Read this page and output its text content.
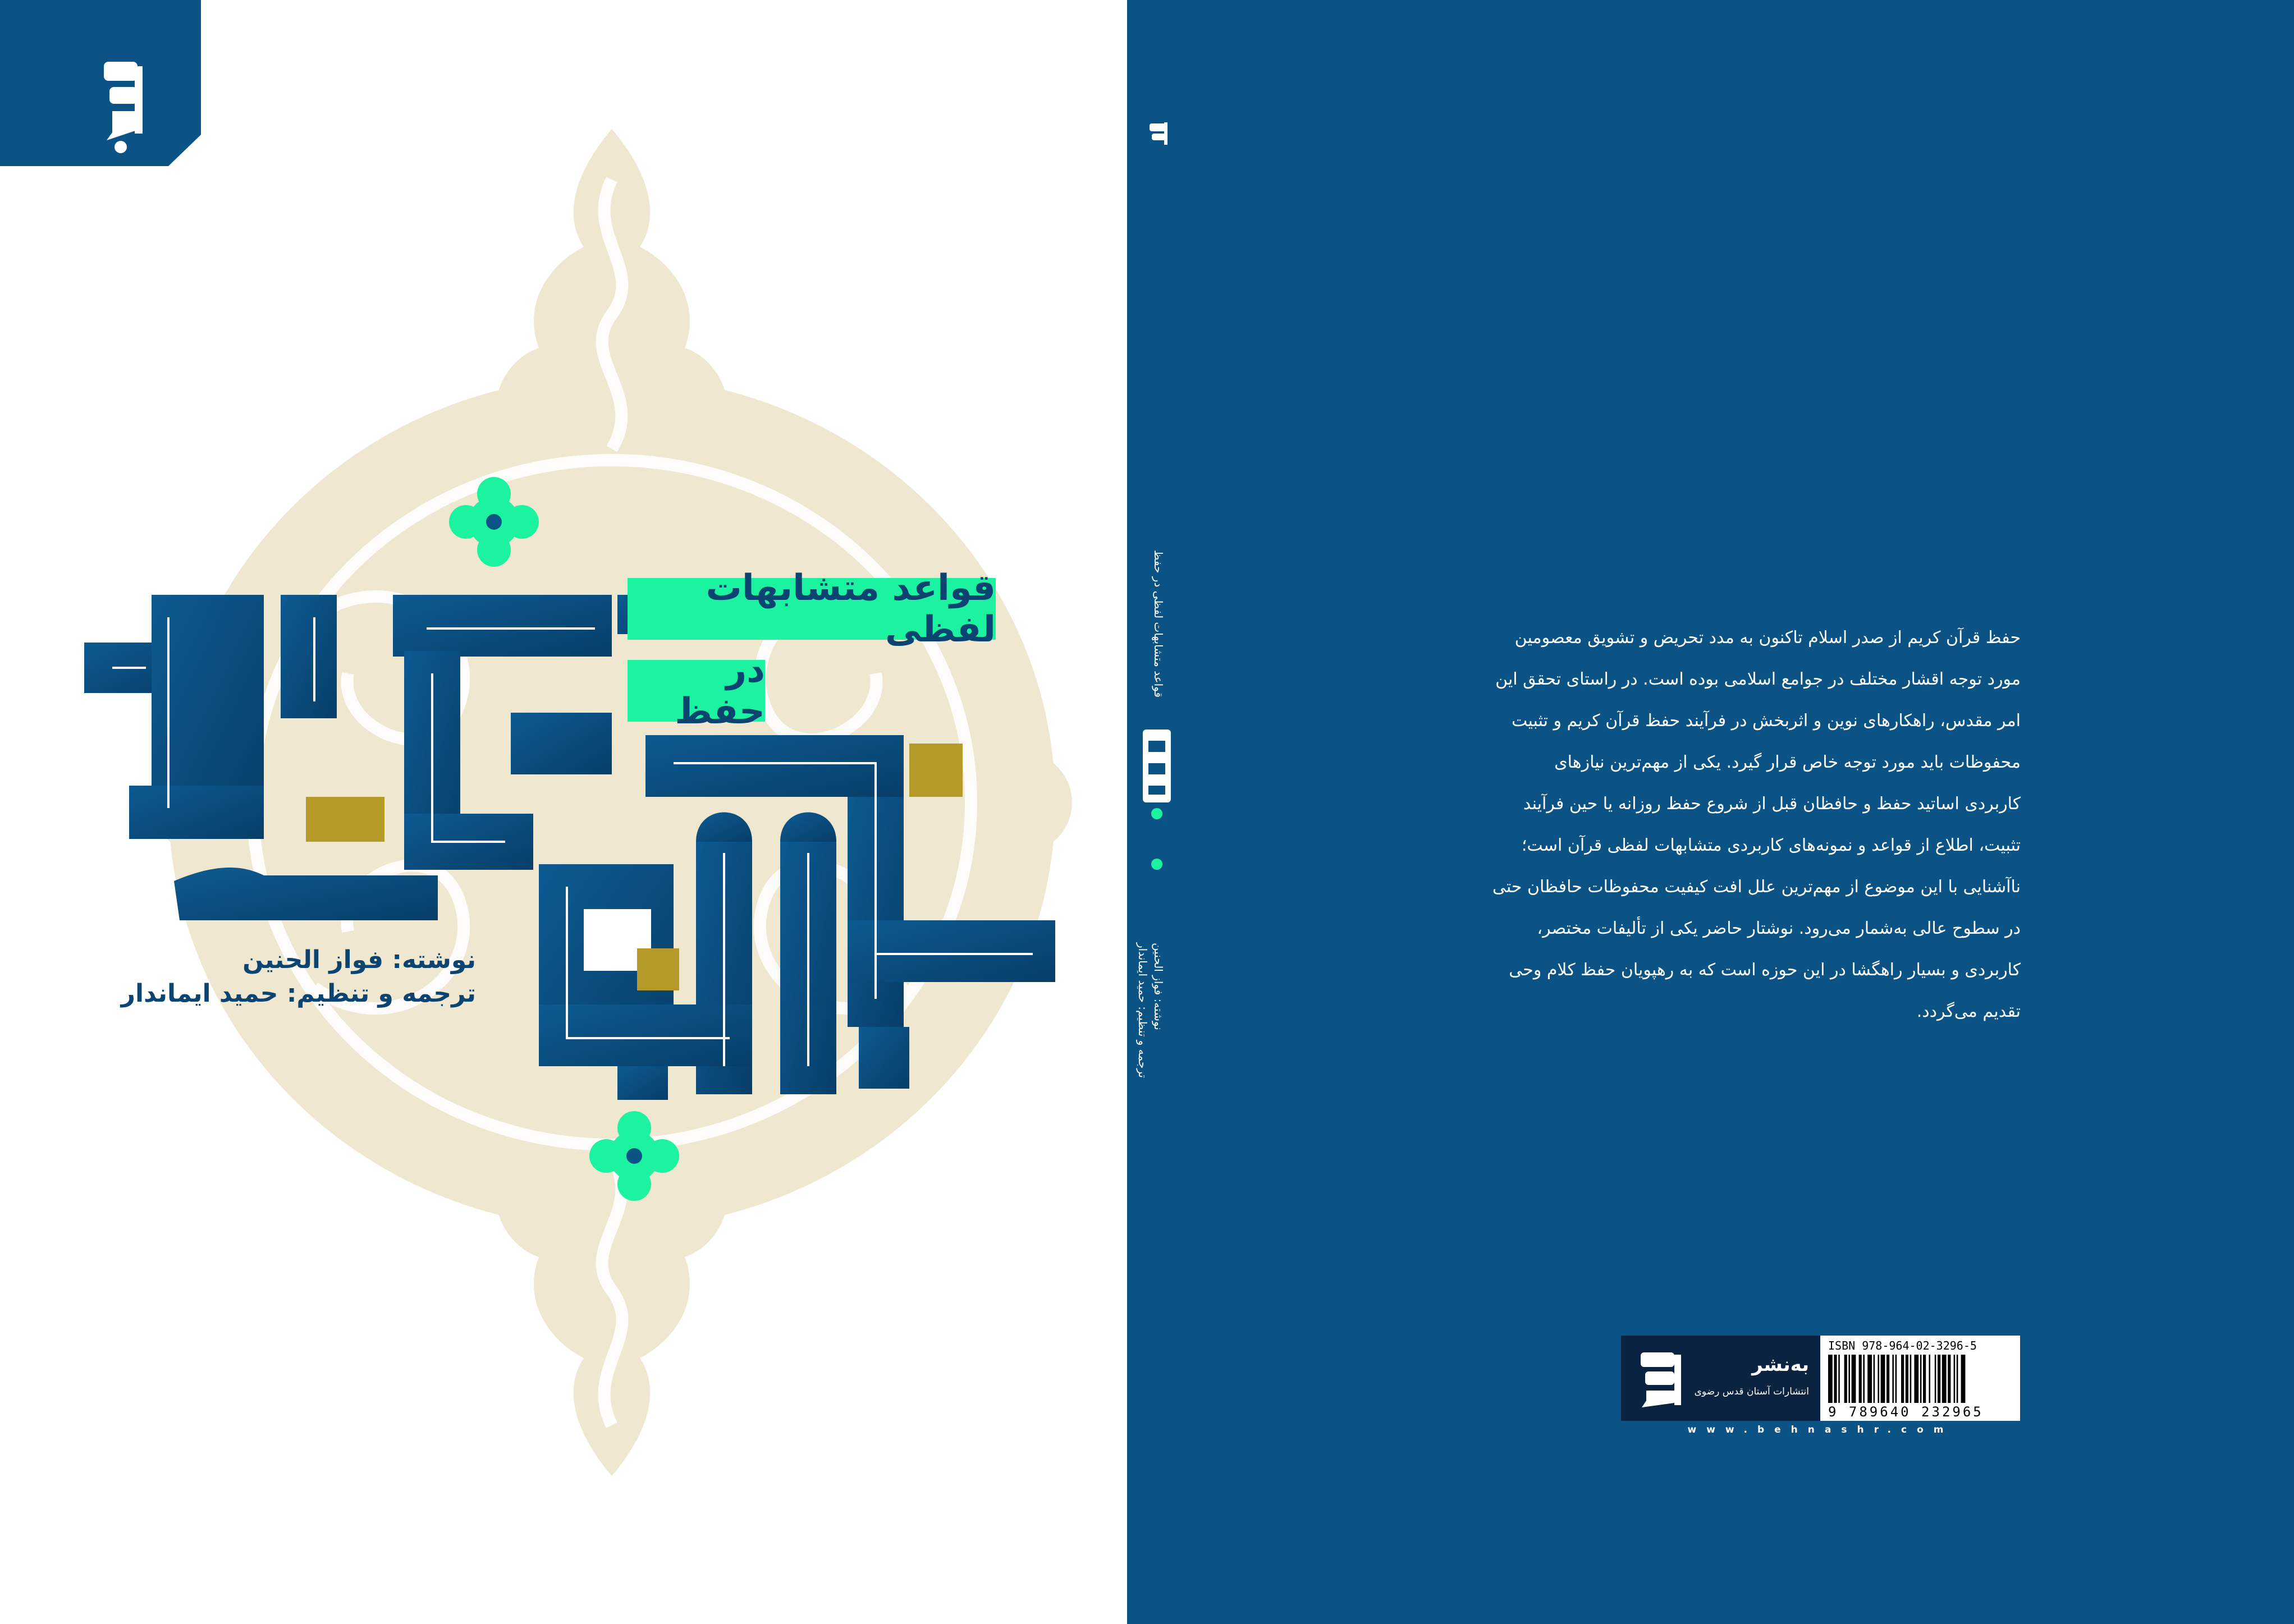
قواعد متشابهات لفظی
در حفظ
نوشته: فواز الحنین
ترجمه و تنظیم: حمید ایماندار
قواعد متشابهات لفظی در حفظ
نوشته: فواز الحنین
ترجمه و تنظیم: حمید ایماندار

حفظ قرآن کریم از صدر اسلام تاکنون به مدد تحریض و تشویق معصومین

مورد توجه اقشار مختلف در جوامع اسلامی بوده است. در راستای تحقق این

امر مقدس، راهکارهای نوین و اثربخش در فرآیند حفظ قرآن کریم و تثبیت

محفوظات باید مورد توجه خاص قرار گیرد. یکی از مهم‌ترین نیازهای

کاربردی اساتید حفظ و حافظان قبل از شروع حفظ روزانه یا حین فرآیند

تثبیت، اطلاع از قواعد و نمونه‌های کاربردی متشابهات لفظی قرآن است؛

ناآشنایی با این موضوع از مهم‌ترین علل افت کیفیت محفوظات حافظان حتی

در سطوح عالی به‌شمار می‌رود. نوشتار حاضر یکی از تألیفات مختصر،

کاربردی و بسیار راهگشا در این حوزه است که به رهپویان حفظ کلام وحی

تقدیم می‌گردد.

به‌نشر
انتشارات آستان قدس رضوی
ISBN 978-964-02-3296-5
9 789640 232965
www.behnashr.com
